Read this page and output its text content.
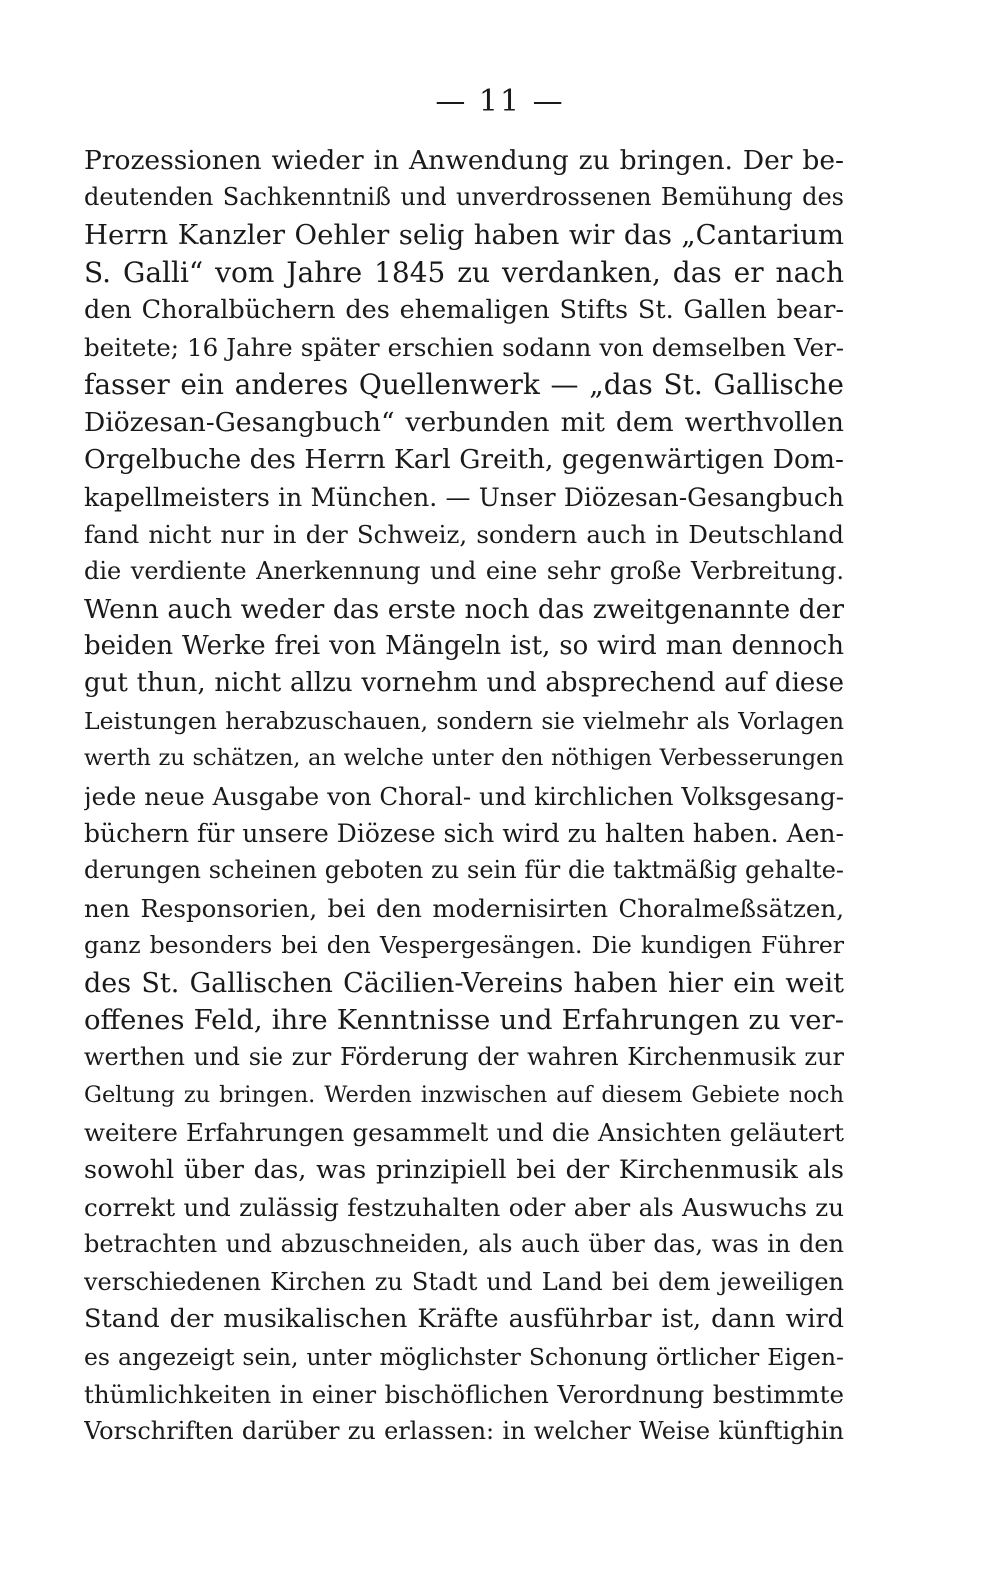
— 11 —
Prozessionen wieder in Anwendung zu bringen. Der be-
deutenden Sachkenntniß und unverdrossenen Bemühung des
Herrn Kanzler Oehler selig haben wir das „Cantarium
S. Galli“ vom Jahre 1845 zu verdanken, das er nach
den Choralbüchern des ehemaligen Stifts St. Gallen bear-
beitete; 16 Jahre später erschien sodann von demselben Ver-
fasser ein anderes Quellenwerk — „das St. Gallische
Diözesan-Gesangbuch“ verbunden mit dem werthvollen
Orgelbuche des Herrn Karl Greith, gegenwärtigen Dom-
kapellmeisters in München. — Unser Diözesan-Gesangbuch
fand nicht nur in der Schweiz, sondern auch in Deutschland
die verdiente Anerkennung und eine sehr große Verbreitung.
Wenn auch weder das erste noch das zweitgenannte der
beiden Werke frei von Mängeln ist, so wird man dennoch
gut thun, nicht allzu vornehm und absprechend auf diese
Leistungen herabzuschauen, sondern sie vielmehr als Vorlagen
werth zu schätzen, an welche unter den nöthigen Verbesserungen
jede neue Ausgabe von Choral- und kirchlichen Volksgesang-
büchern für unsere Diözese sich wird zu halten haben. Aen-
derungen scheinen geboten zu sein für die taktmäßig gehalte-
nen Responsorien, bei den modernisirten Choralmeßsätzen,
ganz besonders bei den Vespergesängen. Die kundigen Führer
des St. Gallischen Cäcilien-Vereins haben hier ein weit
offenes Feld, ihre Kenntnisse und Erfahrungen zu ver-
werthen und sie zur Förderung der wahren Kirchenmusik zur
Geltung zu bringen. Werden inzwischen auf diesem Gebiete noch
weitere Erfahrungen gesammelt und die Ansichten geläutert
sowohl über das, was prinzipiell bei der Kirchenmusik als
correkt und zulässig festzuhalten oder aber als Auswuchs zu
betrachten und abzuschneiden, als auch über das, was in den
verschiedenen Kirchen zu Stadt und Land bei dem jeweiligen
Stand der musikalischen Kräfte ausführbar ist, dann wird
es angezeigt sein, unter möglichster Schonung örtlicher Eigen-
thümlichkeiten in einer bischöflichen Verordnung bestimmte
Vorschriften darüber zu erlassen: in welcher Weise künftighin
